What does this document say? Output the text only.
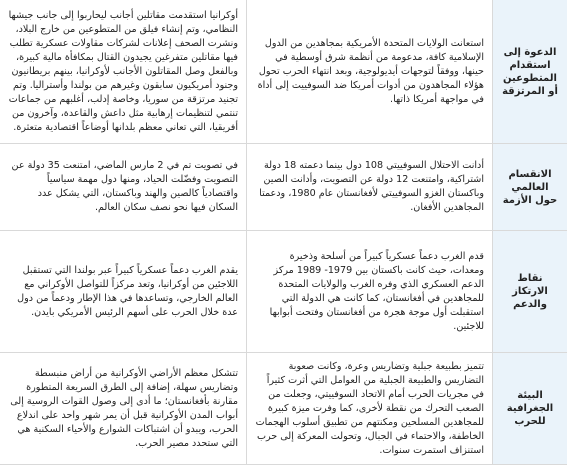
الدعوة إلى استقدام المتطوعين أو المرتزقة
استعانت الولايات المتحدة الأمريكية بمجاهدين من الدول الإسلامية كافة، مدعومة من أنظمة شرق أوسطية في حينها، ووفقاً لتوجهات أيديولوجية، وبعد انتهاء الحرب تحول هؤلاء المجاهدون من أدوات أمريكا ضد السوفييت إلى أداة في مواجهة أمريكا ذاتها.
أوكرانيا استقدمت مقاتلين أجانب ليحاربوا إلى جانب جيشها النظامي، وتم إنشاء فيلق من المتطوعين من خارج البلاد، ونشرت الصحف إعلانات لشركات مقاولات عسكرية تطلب فيها مقاتلين متفرغين يجيدون القتال بمكافأة مالية كبيرة، وبالفعل وصل المقاتلون الأجانب لأوكرانيا، بينهم بريطانيون وجنود أمريكيون سابقون وغيرهم من بولندا وأستراليا. وتم تجنيد مرتزقة من سوريا، وخاصة إدلب، أغلبهم من جماعات تنتمي لتنظيمات إرهابية مثل داعش والقاعدة، وآخرون من أفريقيا، التي تعاني معظم بلدانها أوضاعاً اقتصادية متعثرة.
الانقسام العالمي حول الأزمة
أدانت الاحتلال السوفييتي 108 دول بينما دعمته 18 دولة اشتراكية، وامتنعت 12 دولة عن التصويت، وأدانت الصين وباكستان الغزو السوفييتي لأفغانستان عام 1980، ودعمتا المجاهدين الأفغان.
في تصويت تم في 2 مارس الماضي، امتنعت 35 دولة عن التصويت وفضّلت الحياد، ومنها دول مهمة سياسياً واقتصادياً كالصين والهند وباكستان، التي يشكل عدد السكان فيها نحو نصف سكان العالم.
نقاط الارتكاز والدعم
قدم الغرب دعماً عسكرياً كبيراً من أسلحة وذخيرة ومعدات، حيث كانت باكستان بين 1979- 1989 مركز الدعم العسكري الذي وفره الغرب والولايات المتحدة للمجاهدين في أفغانستان، كما كانت هي الدولة التي استقبلت أول موجة هجرة من أفغانستان وفتحت أبوابها للاجئين.
يقدم الغرب دعماً عسكرياً كبيراً عبر بولندا التي تستقبل اللاجئين من أوكرانيا، وتعد مركزاً للتواصل الأوكراني مع العالم الخارجي، وتساعدها في هذا الإطار ودعماً من دول عدة خلال الحرب على أسهم الرئيس الأمريكي بايدن.
البيئة الجغرافية للحرب
تتميز بطبيعة جبلية وتضاريس وعرة، وكانت صعوبة التضاريس والطبيعة الجبلية من العوامل التي أثرت كثيراً في مجريات الحرب أمام الاتحاد السوفييتي، وجعلت من الصعب التحرك من نقطة لأخرى، كما وفرت ميزة كبيرة للمجاهدين المسلحين ومكنتهم من تطبيق أسلوب الهجمات الخاطفة، والاحتماء في الجبال، وتحولت المعركة إلى حرب استنزاف استمرت سنوات.
تتشكل معظم الأراضي الأوكرانية من أراض منبسطة وتضاريس سهلة، إضافة إلى الطرق السريعة المتطورة مقارنة بأفغانستان؛ ما أدى إلى وصول القوات الروسية إلى أبواب المدن الأوكرانية قبل أن يمر شهر واحد على اندلاع الحرب، ويبدو أن اشتباكات الشوارع والأحياء السكنية هي التي ستحدد مصير الحرب.
